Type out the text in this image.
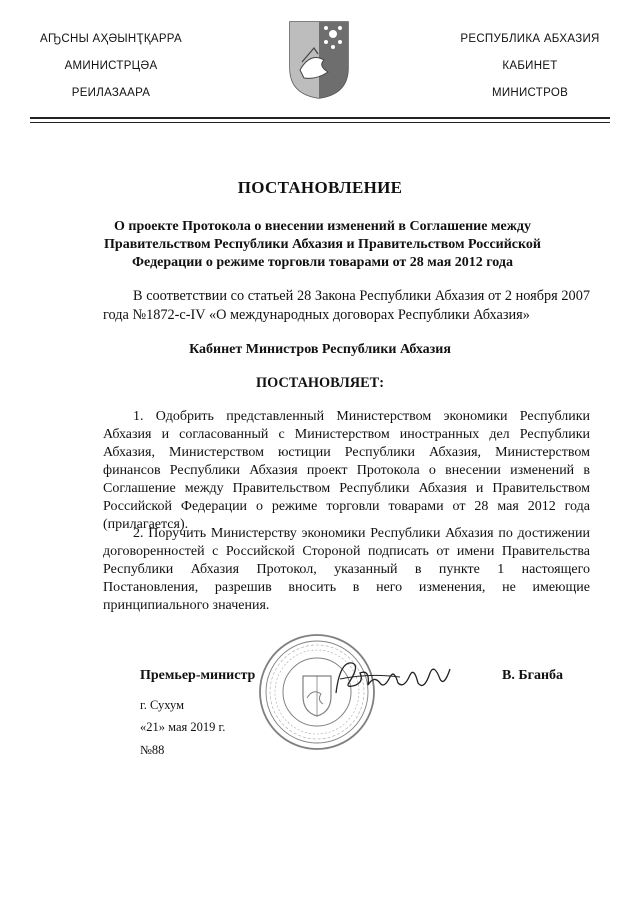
АҦСНЫ АҲӘЫНҬҚАРРА
АМИНИСТРЦӘА
РЕИЛАЗААРА
РЕСПУБЛИКА АБХАЗИЯ
КАБИНЕТ
МИНИСТРОВ
ПОСТАНОВЛЕНИЕ
О проекте Протокола о внесении изменений в Соглашение между Правительством Республики Абхазия и Правительством Российской Федерации о режиме торговли товарами от 28 мая 2012 года
В соответствии со статьей 28 Закона Республики Абхазия от 2 ноября 2007 года №1872-с-IV «О международных договорах Республики Абхазия»
Кабинет Министров Республики Абхазия
ПОСТАНОВЛЯЕТ:
1. Одобрить представленный Министерством экономики Республики Абхазия и согласованный с Министерством иностранных дел Республики Абхазия, Министерством юстиции Республики Абхазия, Министерством финансов Республики Абхазия проект Протокола о внесении изменений в Соглашение между Правительством Республики Абхазия и Правительством Российской Федерации о режиме торговли товарами от 28 мая 2012 года (прилагается).
2. Поручить Министерству экономики Республики Абхазия по достижении договоренностей с Российской Стороной подписать от имени Правительства Республики Абхазия Протокол, указанный в пункте 1 настоящего Постановления, разрешив вносить в него изменения, не имеющие принципиального значения.
Премьер-министр	В. Бганба
г. Сухум
«21» мая 2019 г.
№88
